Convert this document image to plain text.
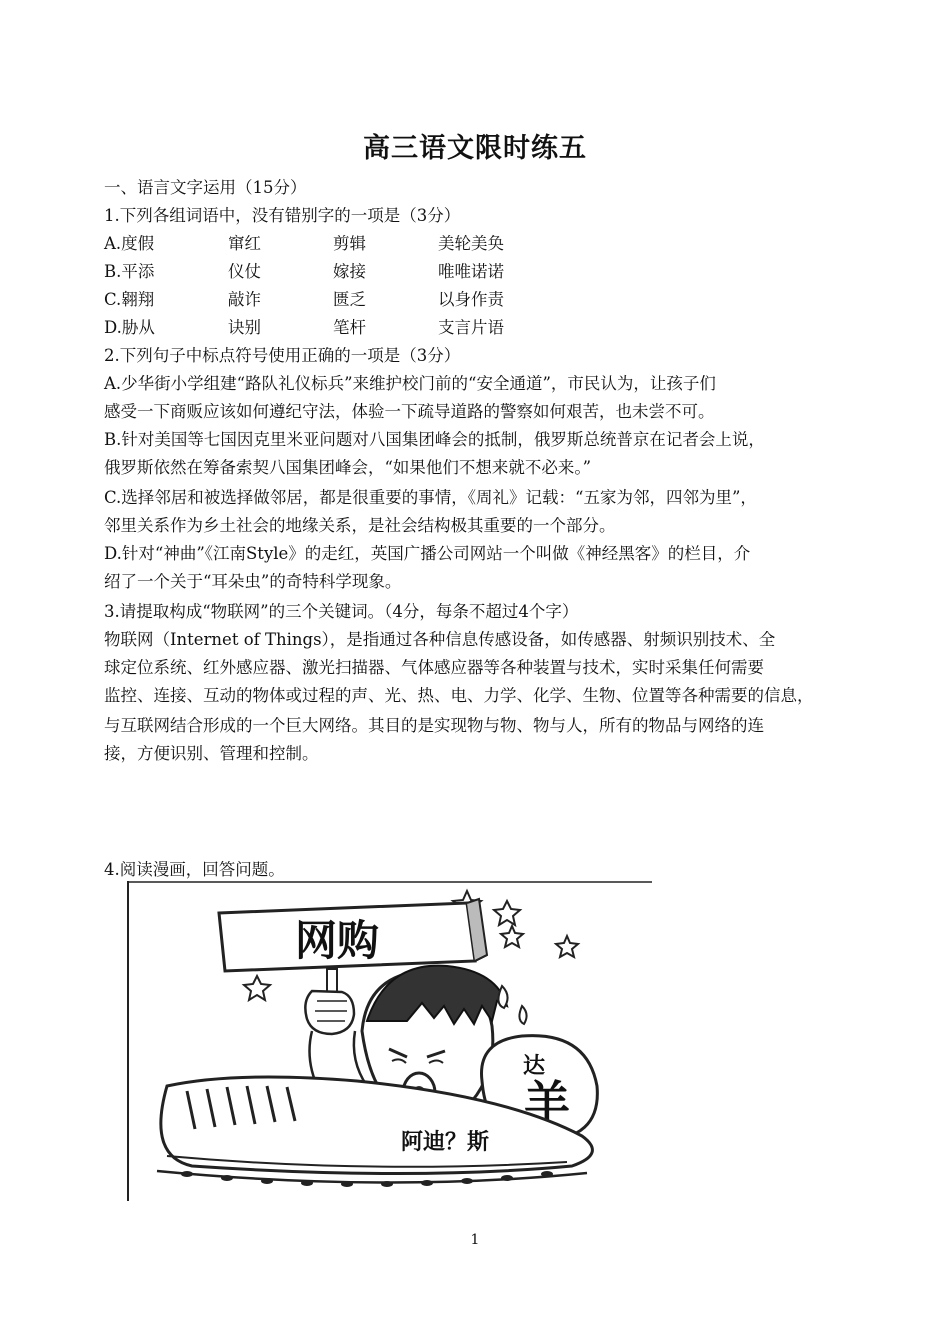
高三语文限时练五
一、语言文字运用（15分）
1.下列各组词语中，没有错别字的一项是（3分）
A.度假	窜红	剪辑	美轮美奂
B.平添	仪仗	嫁接	唯唯诺诺
C.翱翔	敲诈	匮乏	以身作责
D.胁从	诀别	笔杆	支言片语
2.下列句子中标点符号使用正确的一项是（3分）
A.少华街小学组建“路队礼仪标兵”来维护校门前的“安全通道”，市民认为，让孩子们
感受一下商贩应该如何遵纪守法，体验一下疏导道路的警察如何艰苦，也未尝不可。
B.针对美国等七国因克里米亚问题对八国集团峰会的抵制，俄罗斯总统普京在记者会上说，
俄罗斯依然在筹备索契八国集团峰会，“如果他们不想来就不必来。”
C.选择邻居和被选择做邻居，都是很重要的事情，《周礼》记载：“五家为邻，四邻为里”，
邻里关系作为乡土社会的地缘关系，是社会结构极其重要的一个部分。
D.针对“神曲”《江南Style》的走红，英国广播公司网站一个叫做《神经黑客》的栏目，介
绍了一个关于“耳朵虫”的奇特科学现象。
3.请提取构成“物联网”的三个关键词。（4分，每条不超过4个字）
物联网（Internet of Things），是指通过各种信息传感设备，如传感器、射频识别技术、全
球定位系统、红外感应器、激光扫描器、气体感应器等各种装置与技术，实时采集任何需要
监控、连接、互动的物体或过程的声、光、热、电、力学、化学、生物、位置等各种需要的信息，
与互联网结合形成的一个巨大网络。其目的是实现物与物、物与人，所有的物品与网络的连
接，方便识别、管理和控制。
4.阅读漫画，回答问题。
网购
达
羊
阿迪？斯
1
